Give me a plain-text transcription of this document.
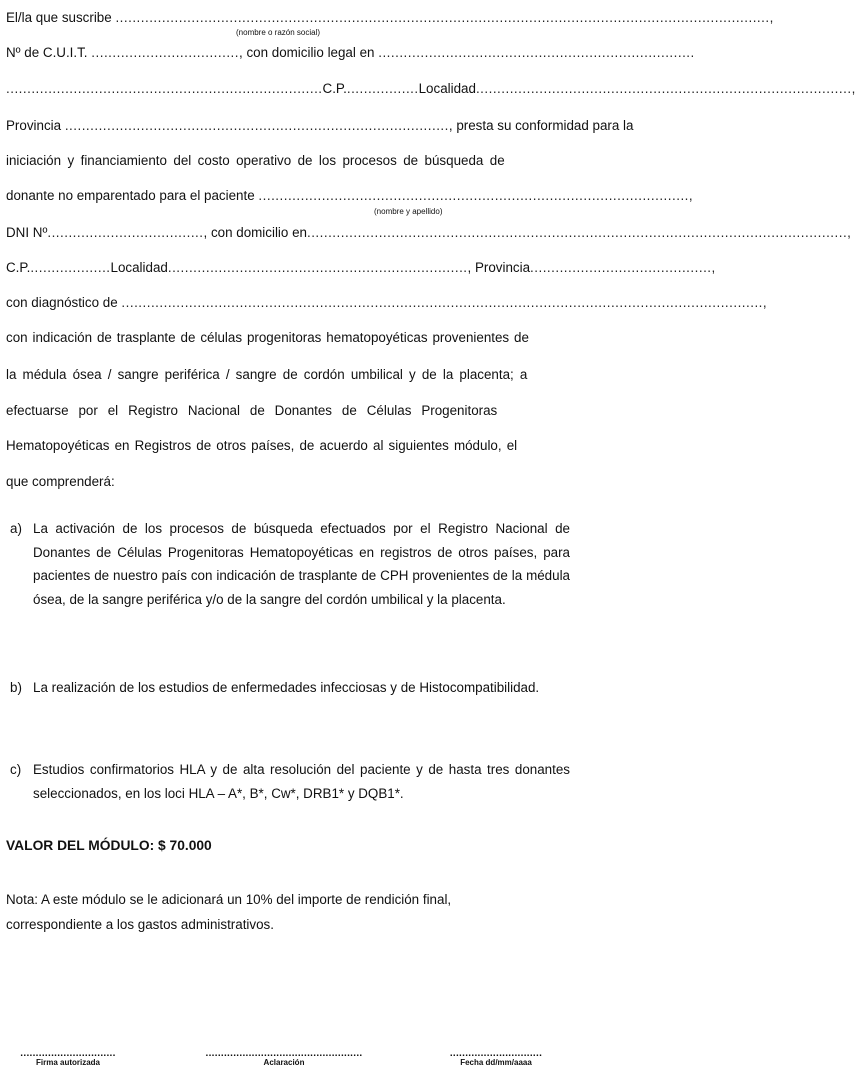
El/la que suscribe
...........................................................................................................................................................,
(nombre o razón social)
Nº de C.U.I.T.
................................... , con domicilio legal en
...........................................................................
........................................................................... C.P. ................. Localidad .........................................................................................,
Provincia
........................................................................................... , presta su conformidad para la
iniciación y financiamiento del costo operativo de los procesos de búsqueda de
donante no emparentado para el paciente
......................................................................................................,
(nombre y apellido)
DNI Nº ..................................... , con domicilio en ................................................................................................................................,
C.P. ................... Localidad ....................................................................... , Provincia ...........................................,
con diagnóstico de
........................................................................................................................................................,
con indicación de trasplante de células progenitoras hematopoyéticas provenientes de
la médula ósea / sangre periférica / sangre de cordón umbilical y de la placenta; a
efectuarse por el Registro Nacional de Donantes de Células Progenitoras
Hematopoyéticas en Registros de otros países, de acuerdo al siguientes módulo, el
que comprenderá:
a) La activación de los procesos de búsqueda efectuados por el Registro Nacional de Donantes de Células Progenitoras Hematopoyéticas en registros de otros países, para pacientes de nuestro país con indicación de trasplante de CPH provenientes de la médula ósea, de la sangre periférica y/o de la sangre del cordón umbilical y la placenta.
b) La realización de los estudios de enfermedades infecciosas y de Histocompatibilidad.
c) Estudios confirmatorios HLA y de alta resolución del paciente y de hasta tres donantes seleccionados, en los loci HLA – A*, B*, Cw*, DRB1* y DQB1*.
VALOR DEL MÓDULO: $ 70.000
Nota: A este módulo se le adicionará un 10% del importe de rendición final,
correspondiente a los gastos administrativos.
...............................
Firma autorizada
...................................................
Aclaración
..............................
Fecha dd/mm/aaaa
